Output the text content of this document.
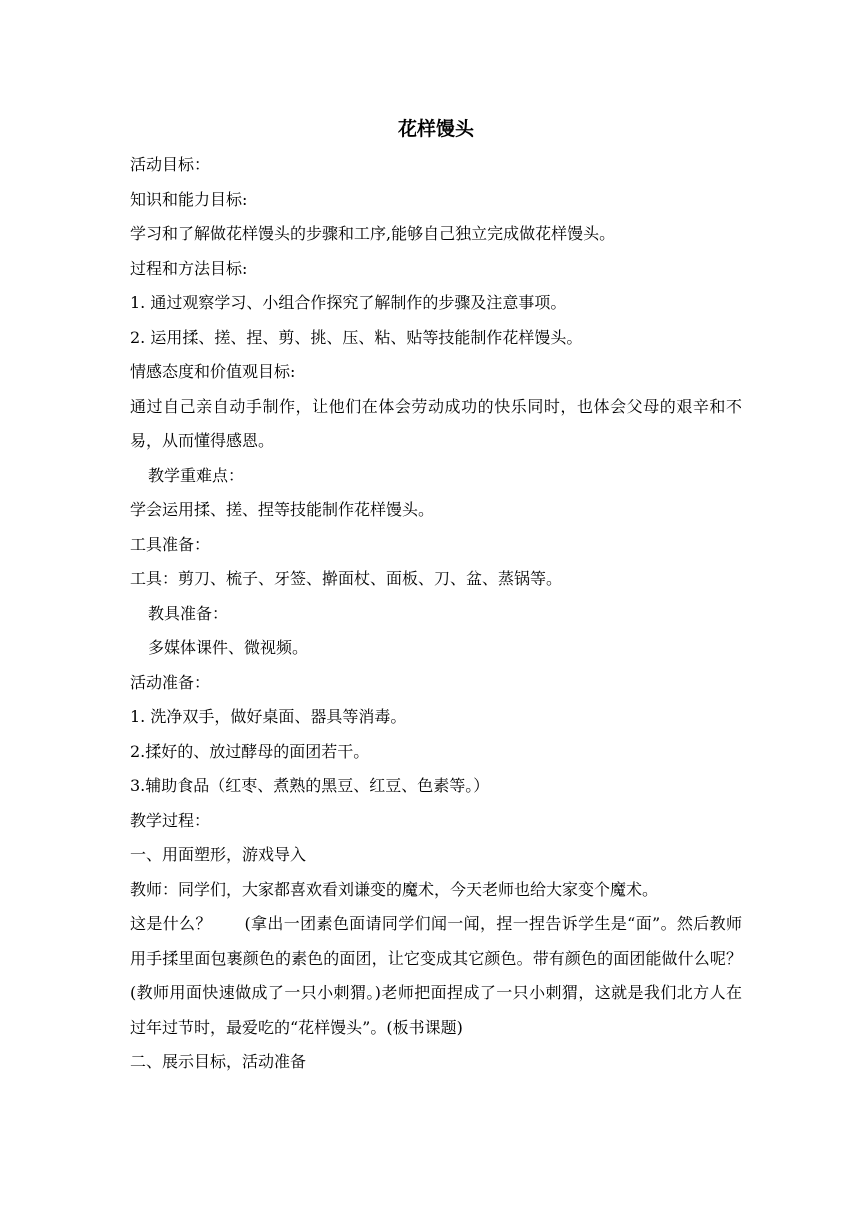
花样馒头

活动目标：

知识和能力目标:

学习和了解做花样馒头的步骤和工序,能够自己独立完成做花样馒头。

过程和方法目标:

1. 通过观察学习、小组合作探究了解制作的步骤及注意事项。

2. 运用揉、搓、捏、剪、挑、压、粘、贴等技能制作花样馒头。

情感态度和价值观目标:

通过自己亲自动手制作，让他们在体会劳动成功的快乐同时，也体会父母的艰辛和不易，从而懂得感恩。

教学重难点：

学会运用揉、搓、捏等技能制作花样馒头。

工具准备：

工具：剪刀、梳子、牙签、擀面杖、面板、刀、盆、蒸锅等。

教具准备：

多媒体课件、微视频。

活动准备：

1. 洗净双手，做好桌面、器具等消毒。

2.揉好的、放过酵母的面团若干。

3.辅助食品（红枣、煮熟的黑豆、红豆、色素等。）

教学过程：

一、用面塑形，游戏导入

教师：同学们，大家都喜欢看刘谦变的魔术，今天老师也给大家变个魔术。

这是什么？　　(拿出一团素色面请同学们闻一闻，捏一捏告诉学生是“面”。然后教师用手揉里面包裹颜色的素色的面团，让它变成其它颜色。带有颜色的面团能做什么呢？ (教师用面快速做成了一只小刺猬。)老师把面捏成了一只小刺猬，这就是我们北方人在过年过节时，最爱吃的“花样馒头”。(板书课题)

二、展示目标，活动准备
